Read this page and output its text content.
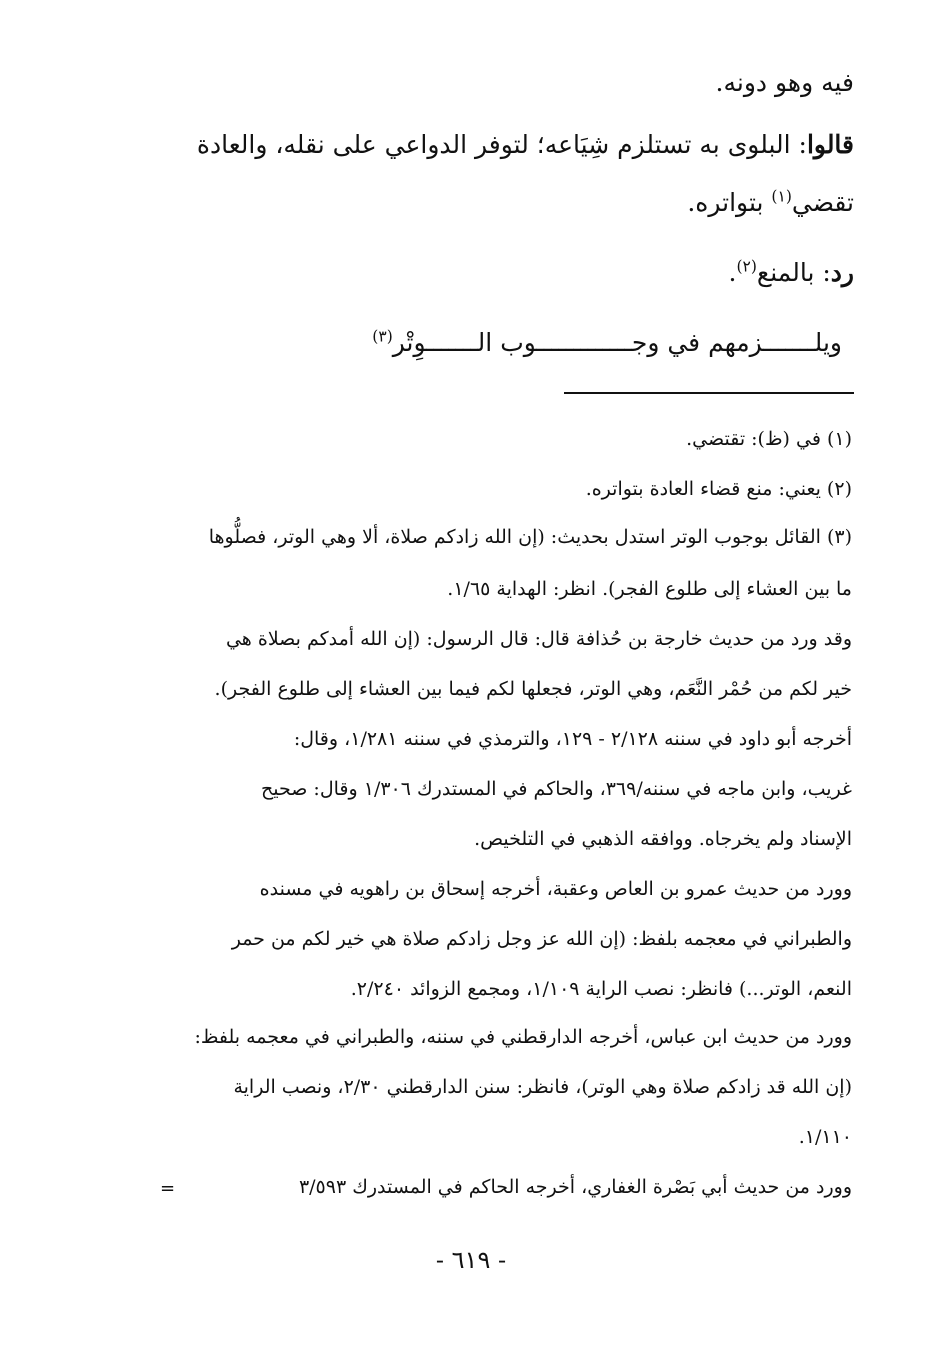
فيه وهو دونه.
قالوا: البلوى به تستلزم شِيَاعه؛ لتوفر الدواعي على نقله، والعادة
تقضي$^{(١)}$ بتواتره.
رد: بالمنع$^{(٢)}$.
ويلـــــــزمهم في وجـــــــــــــوب الـــــــوِتْر$^{(٣)}$
(١) في (ظ): تقتضي.
(٢) يعني: منع قضاء العادة بتواتره.
(٣) القائل بوجوب الوتر استدل بحديث: (إن الله زادكم صلاة، ألا وهي الوتر، فصلُّوها
ما بين العشاء إلى طلوع الفجر). انظر: الهداية ١/٦٥.
وقد ورد من حديث خارجة بن حُذافة قال: قال الرسول: (إن الله أمدكم بصلاة هي
خير لكم من حُمْر النَّعَم، وهي الوتر، فجعلها لكم فيما بين العشاء إلى طلوع الفجر).
أخرجه أبو داود في سننه ٢/١٢٨ - ١٢٩، والترمذي في سننه ١/٢٨١، وقال:
غريب، وابن ماجه في سننه/٣٦٩، والحاكم في المستدرك ١/٣٠٦ وقال: صحيح
الإسناد ولم يخرجاه. ووافقه الذهبي في التلخيص.
وورد من حديث عمرو بن العاص وعقبة، أخرجه إسحاق بن راهويه في مسنده
والطبراني في معجمه بلفظ: (إن الله عز وجل زادكم صلاة هي خير لكم من حمر
النعم، الوتر...) فانظر: نصب الراية ١/١٠٩، ومجمع الزوائد ٢/٢٤٠.
وورد من حديث ابن عباس، أخرجه الدارقطني في سننه، والطبراني في معجمه بلفظ:
(إن الله قد زادكم صلاة وهي الوتر)، فانظر: سنن الدارقطني ٢/٣٠، ونصب الراية
١/١١٠.
وورد من حديث أبي بَصْرة الغفاري، أخرجه الحاكم في المستدرك ٣/٥٩٣
=
- ٦١٩ -
